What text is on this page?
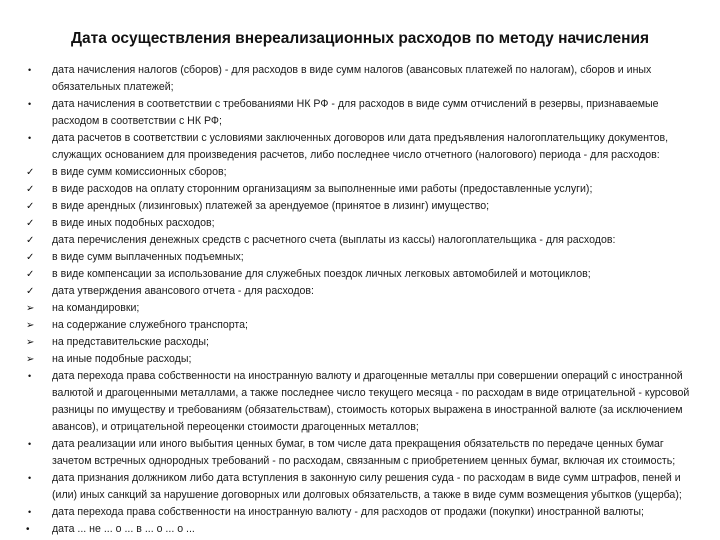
Дата осуществления внереализационных расходов по методу начисления
•	дата начисления налогов (сборов) - для расходов в виде сумм налогов (авансовых платежей по налогам), сборов и иных обязательных платежей;
•	дата начисления в соответствии с требованиями НК РФ - для расходов в виде сумм отчислений в резервы, признаваемые расходом в соответствии с НК РФ;
•	дата расчетов в соответствии с условиями заключенных договоров или дата предъявления налогоплательщику документов, служащих основанием для произведения расчетов, либо последнее число отчетного (налогового) периода - для расходов:
✓	в виде сумм комиссионных сборов;
✓	в виде расходов на оплату сторонним организациям за выполненные ими работы (предоставленные услуги);
✓	в виде арендных (лизинговых) платежей за арендуемое (принятое в лизинг) имущество;
✓	в виде иных подобных расходов;
✓	дата перечисления денежных средств с расчетного счета (выплаты из кассы) налогоплательщика - для расходов:
✓	в виде сумм выплаченных подъемных;
✓	в виде компенсации за использование для служебных поездок личных легковых автомобилей и мотоциклов;
✓	дата утверждения авансового отчета - для расходов:
➢	на командировки;
➢	на содержание служебного транспорта;
➢	на представительские расходы;
➢	на иные подобные расходы;
•	дата перехода права собственности на иностранную валюту и драгоценные металлы при совершении операций с иностранной валютой и драгоценными металлами, а также последнее число текущего месяца - по расходам в виде отрицательной - курсовой разницы по имуществу и требованиям (обязательствам), стоимость которых выражена в иностранной валюте (за исключением авансов), и отрицательной переоценки стоимости драгоценных металлов;
•	дата реализации или иного выбытия ценных бумаг, в том числе дата прекращения обязательств по передаче ценных бумаг зачетом встречных однородных требований - по расходам, связанным с приобретением ценных бумаг, включая их стоимость;
•	дата признания должником либо дата вступления в законную силу решения суда - по расходам в виде сумм штрафов, пеней и (или) иных санкций за нарушение договорных или долговых обязательств, а также в виде сумм возмещения убытков (ущерба);
•	дата перехода права собственности на иностранную валюту - для расходов от продажи (покупки) иностранной валюты;
•	дата ... не ... о ... в ... о ... о ...
